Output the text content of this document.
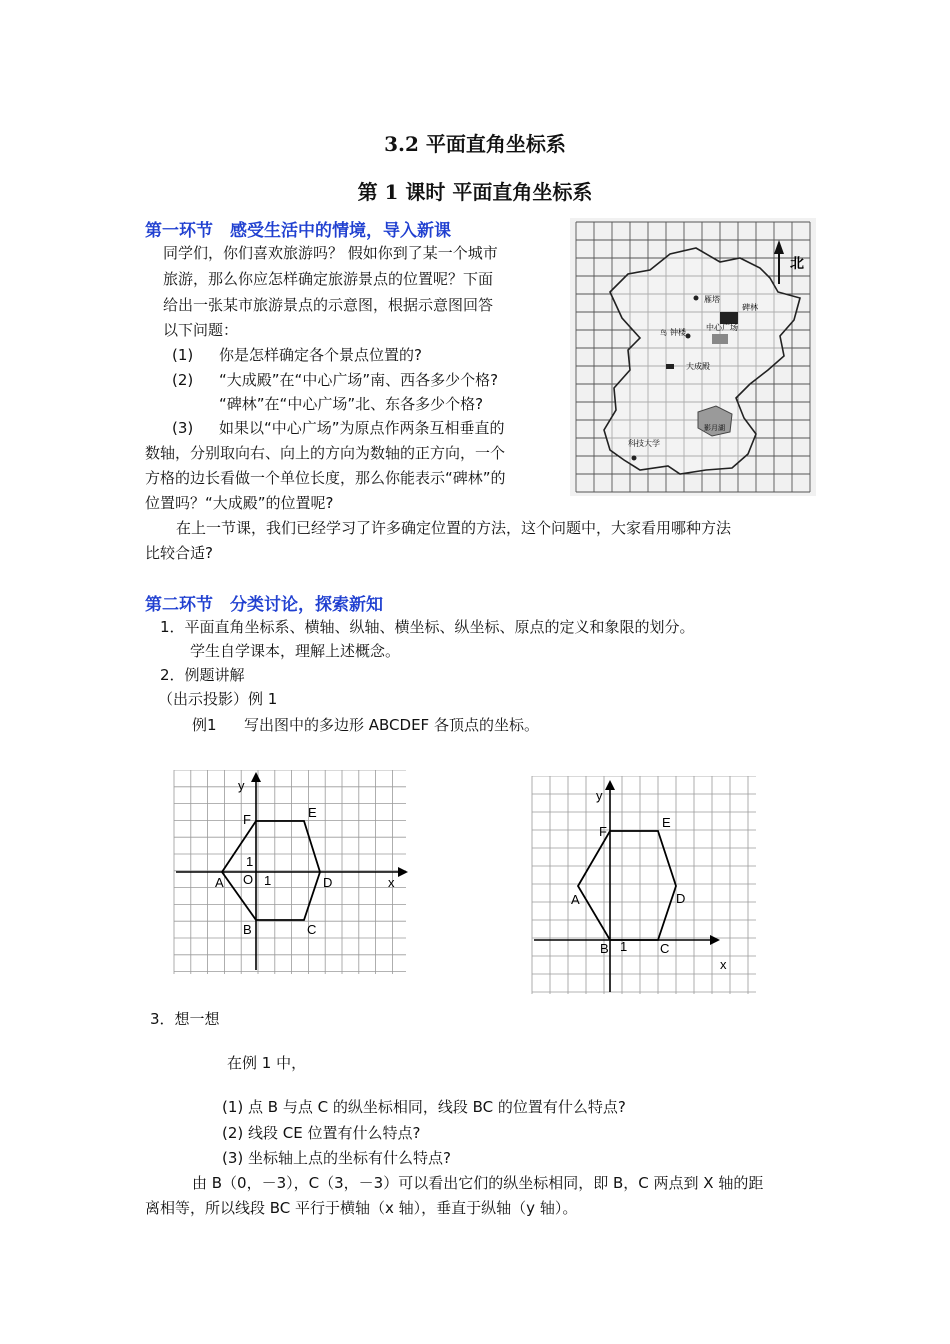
3.2 平面直角坐标系
第 1 课时 平面直角坐标系
第一环节　感受生活中的情境，导入新课
同学们，你们喜欢旅游吗？ 假如你到了某一个城市
旅游，那么你应怎样确定旅游景点的位置呢？下面
给出一张某市旅游景点的示意图，根据示意图回答
以下问题：
(1) 你是怎样确定各个景点位置的?
(2) “大成殿”在“中心广场”南、西各多少个格?
“碑林”在“中心广场”北、东各多少个格?
(3) 如果以“中心广场”为原点作两条互相垂直的
数轴，分别取向右、向上的方向为数轴的正方向，一个
方格的边长看做一个单位长度，那么你能表示“碑林”的
位置吗？“大成殿”的位置呢?
在上一节课，我们已经学习了许多确定位置的方法，这个问题中，大家看用哪种方法
比较合适?
北
雁塔
碑林
鸟 钟楼
中心广场
大成殿
影月湖
科技大学
第二环节　分类讨论，探索新知
1．平面直角坐标系、横轴、纵轴、横坐标、纵坐标、原点的定义和象限的划分。
学生自学课本，理解上述概念。
2．例题讲解
（出示投影）例 1
例1 写出图中的多边形 ABCDEF 各顶点的坐标。
y
x
A
B	C
D
E
F
O 1
1
y
x
A
B	C
D
E
F
1
3．想一想
在例 1 中，
(1) 点 B 与点 C 的纵坐标相同，线段 BC 的位置有什么特点?
(2) 线段 CE 位置有什么特点?
(3) 坐标轴上点的坐标有什么特点?
由 B（0，－3），C（3，－3）可以看出它们的纵坐标相同，即 B，C 两点到 X 轴的距
离相等，所以线段 BC 平行于横轴（x 轴），垂直于纵轴（y 轴）。
